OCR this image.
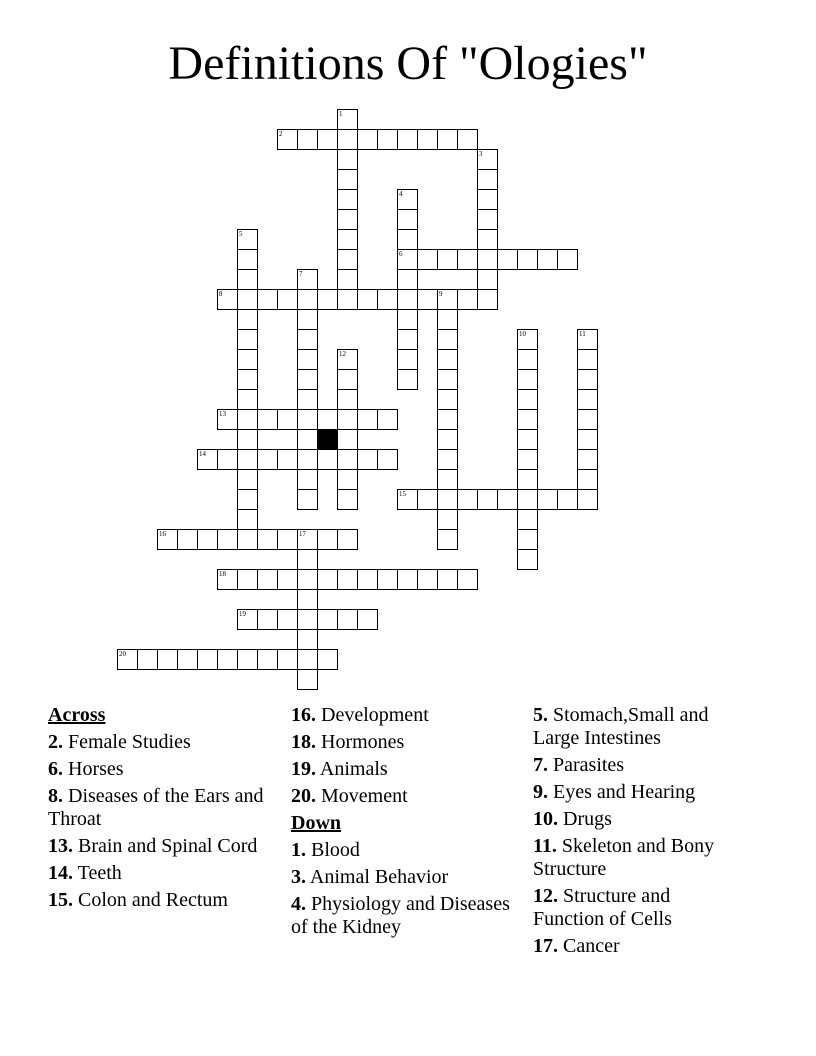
Definitions Of "Ologies"
1
2
3
4
6
5
7
8	9
10	11
12
13
14
15
16	17
18
19
20
Across
2. Female Studies
6. Horses
8. Diseases of the Ears and Throat
13. Brain and Spinal Cord
14. Teeth
15. Colon and Rectum
16. Development
18. Hormones
19. Animals
20. Movement
Down
1. Blood
3. Animal Behavior
4. Physiology and Diseases of the Kidney
5. Stomach,Small and Large Intestines
7. Parasites
9. Eyes and Hearing
10. Drugs
11. Skeleton and Bony Structure
12. Structure and Function of Cells
17. Cancer
